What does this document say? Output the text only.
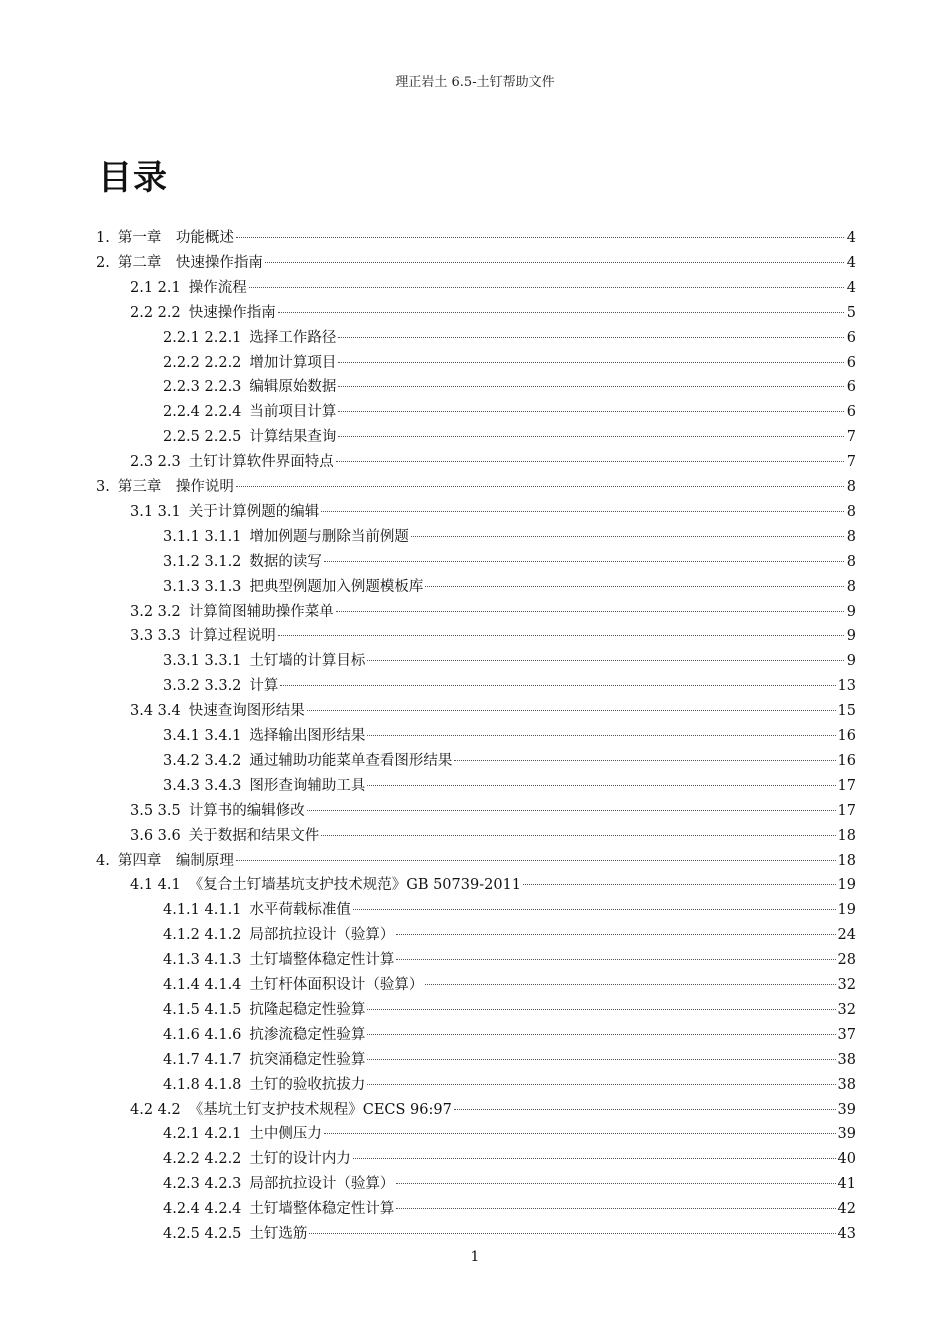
理正岩土 6.5-土钉帮助文件
目录
1. 第一章　功能概述	4
2. 第二章　快速操作指南	4
2.1 2.1 操作流程	4
2.2 2.2 快速操作指南	5
2.2.1 2.2.1 选择工作路径	6
2.2.2 2.2.2 增加计算项目	6
2.2.3 2.2.3 编辑原始数据	6
2.2.4 2.2.4 当前项目计算	6
2.2.5 2.2.5 计算结果查询	7
2.3 2.3 土钉计算软件界面特点	7
3. 第三章　操作说明	8
3.1 3.1 关于计算例题的编辑	8
3.1.1 3.1.1 增加例题与删除当前例题	8
3.1.2 3.1.2 数据的读写	8
3.1.3 3.1.3 把典型例题加入例题模板库	8
3.2 3.2 计算简图辅助操作菜单	9
3.3 3.3 计算过程说明	9
3.3.1 3.3.1 土钉墙的计算目标	9
3.3.2 3.3.2 计算	13
3.4 3.4 快速查询图形结果	15
3.4.1 3.4.1 选择输出图形结果	16
3.4.2 3.4.2 通过辅助功能菜单查看图形结果	16
3.4.3 3.4.3 图形查询辅助工具	17
3.5 3.5 计算书的编辑修改	17
3.6 3.6 关于数据和结果文件	18
4. 第四章　编制原理	18
4.1 4.1 《复合土钉墙基坑支护技术规范》GB 50739-2011	19
4.1.1 4.1.1 水平荷载标准值	19
4.1.2 4.1.2 局部抗拉设计（验算）	24
4.1.3 4.1.3 土钉墙整体稳定性计算	28
4.1.4 4.1.4 土钉杆体面积设计（验算）	32
4.1.5 4.1.5 抗隆起稳定性验算	32
4.1.6 4.1.6 抗渗流稳定性验算	37
4.1.7 4.1.7 抗突涌稳定性验算	38
4.1.8 4.1.8 土钉的验收抗拔力	38
4.2 4.2 《基坑土钉支护技术规程》CECS 96:97	39
4.2.1 4.2.1 土中侧压力	39
4.2.2 4.2.2 土钉的设计内力	40
4.2.3 4.2.3 局部抗拉设计（验算）	41
4.2.4 4.2.4 土钉墙整体稳定性计算	42
4.2.5 4.2.5 土钉选筋	43
1
